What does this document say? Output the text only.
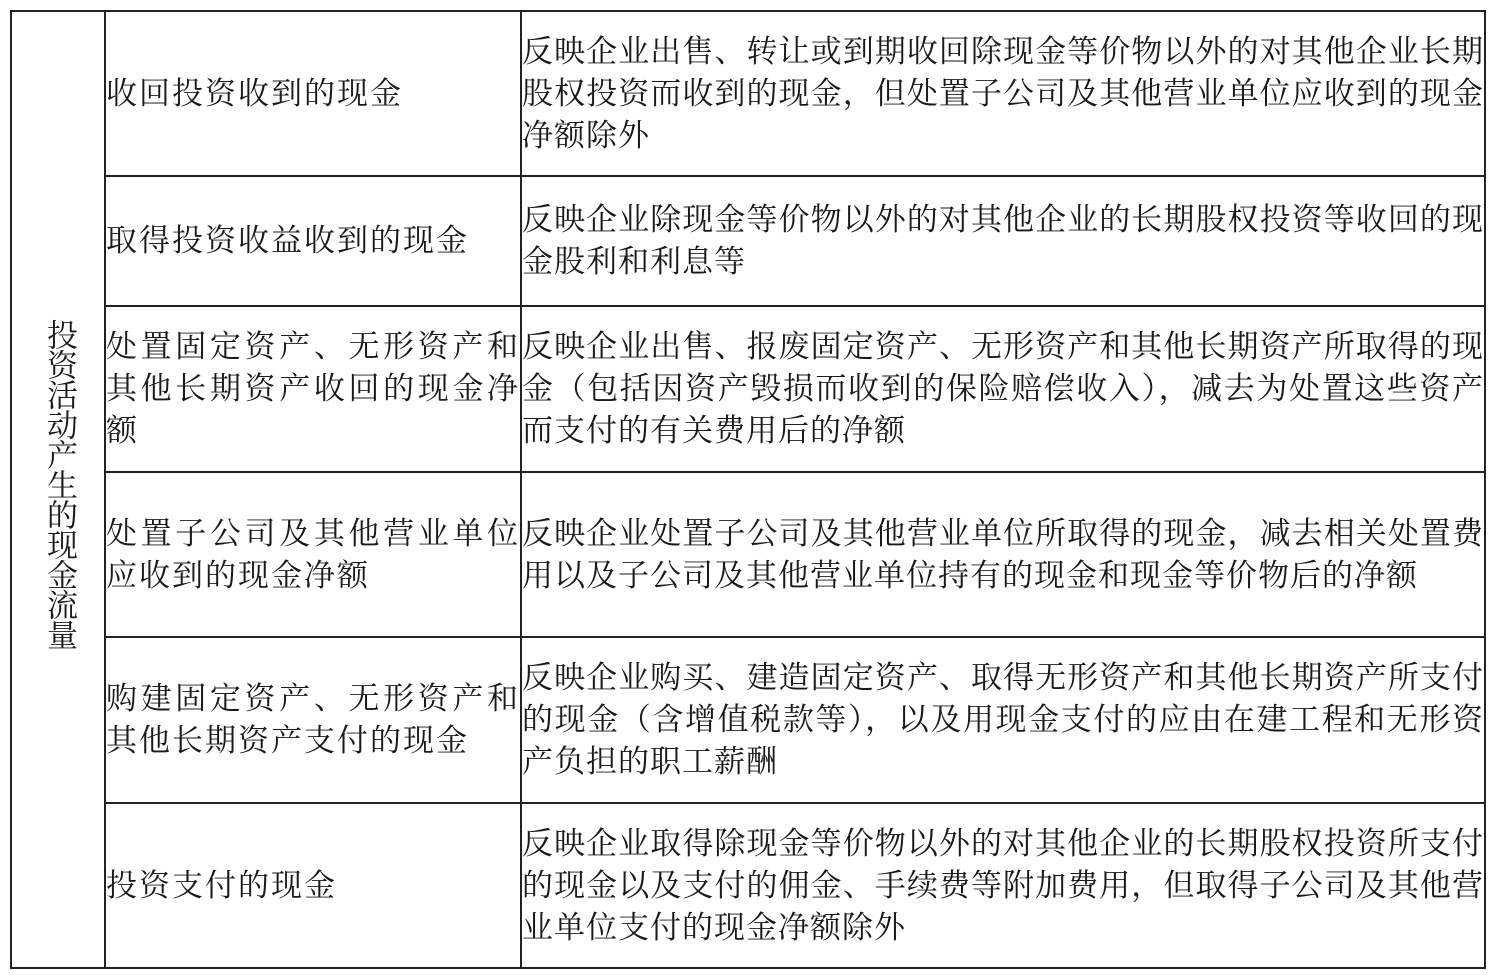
投资活动产生的现金流量	收回投资收到的现金	反映企业出售、转让或到期收回除现金等价物以外的对其他企业长期股权投资而收到的现金，但处置子公司及其他营业单位应收到的现金净额除外
	取得投资收益收到的现金	反映企业除现金等价物以外的对其他企业的长期股权投资等收回的现金股利和利息等
	处置固定资产、无形资产和其他长期资产收回的现金净额	反映企业出售、报废固定资产、无形资产和其他长期资产所取得的现金（包括因资产毁损而收到的保险赔偿收入），减去为处置这些资产而支付的有关费用后的净额
	处置子公司及其他营业单位应收到的现金净额	反映企业处置子公司及其他营业单位所取得的现金，减去相关处置费用以及子公司及其他营业单位持有的现金和现金等价物后的净额
	购建固定资产、无形资产和其他长期资产支付的现金	反映企业购买、建造固定资产、取得无形资产和其他长期资产所支付的现金（含增值税款等），以及用现金支付的应由在建工程和无形资产负担的职工薪酬
	投资支付的现金	反映企业取得除现金等价物以外的对其他企业的长期股权投资所支付的现金以及支付的佣金、手续费等附加费用，但取得子公司及其他营业单位支付的现金净额除外
